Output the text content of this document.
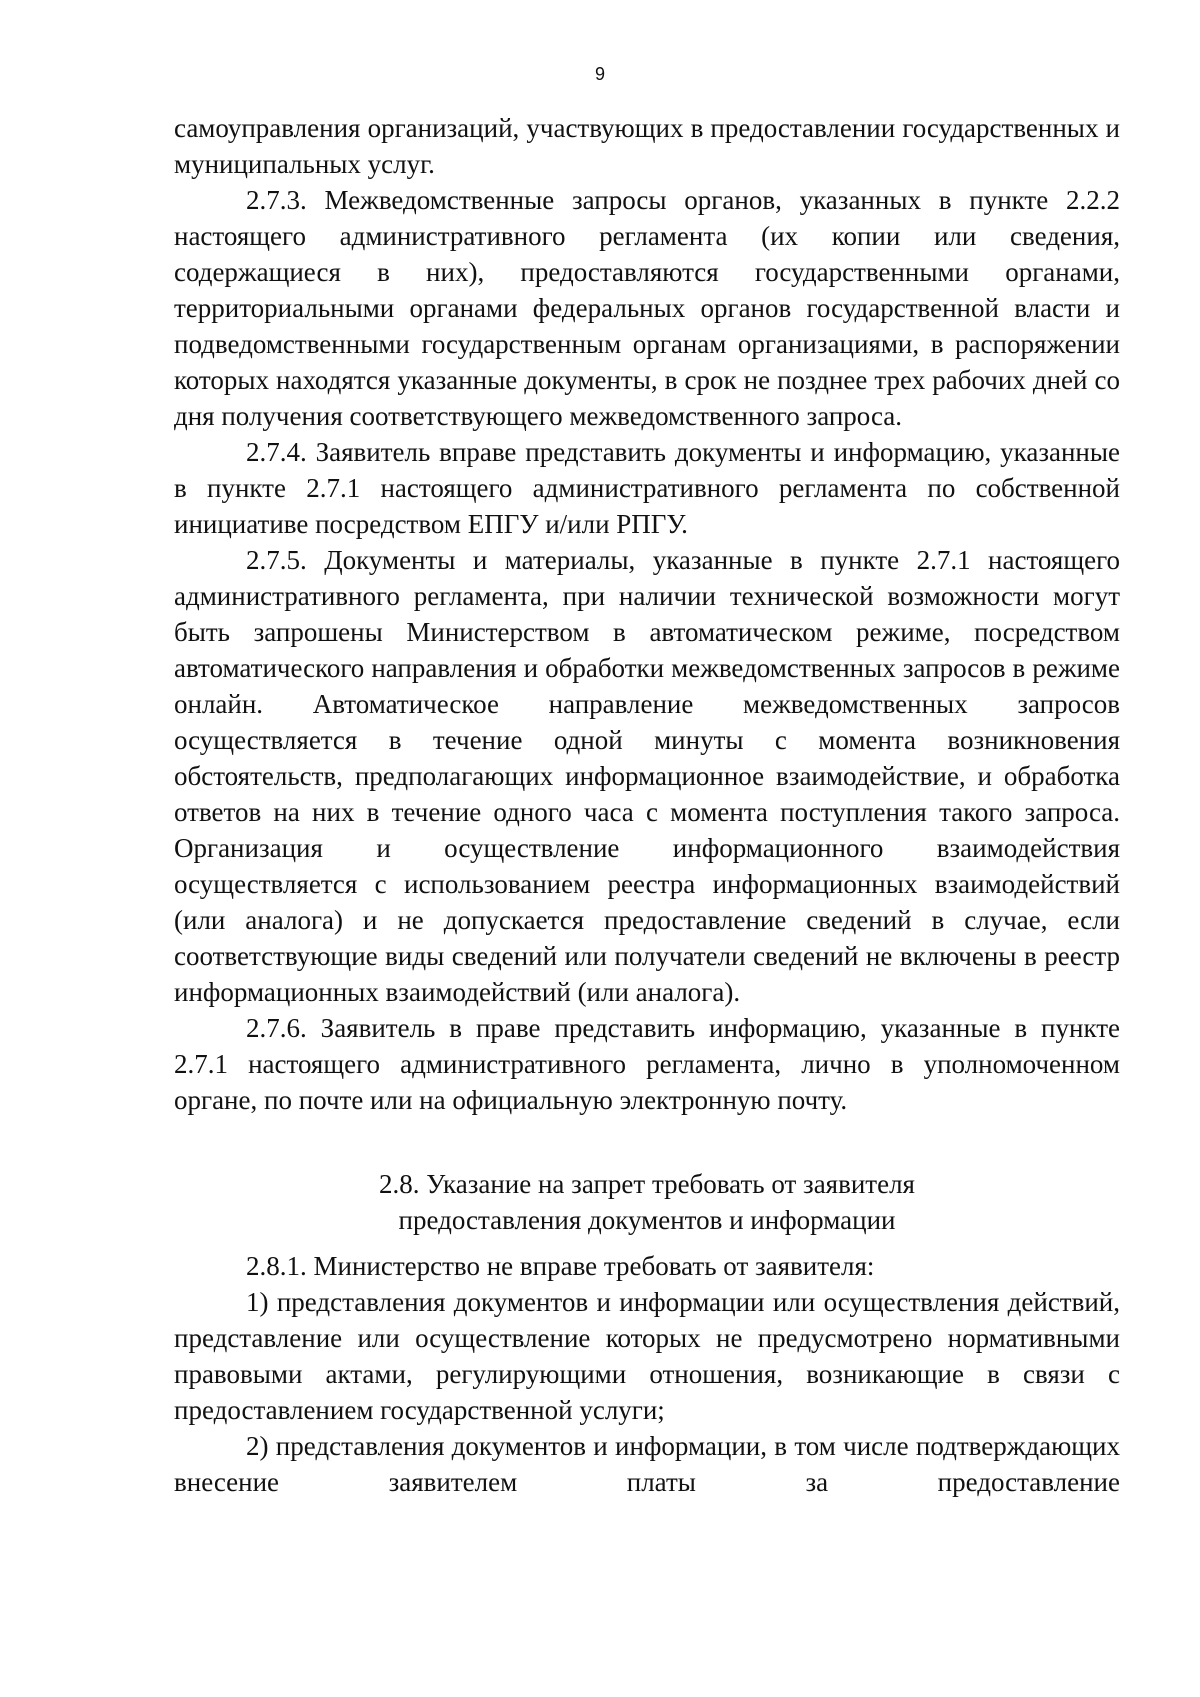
9

самоуправления организаций, участвующих в предоставлении государственных и муниципальных услуг.

2.7.3. Межведомственные запросы органов, указанных в пункте 2.2.2 настоящего административного регламента (их копии или сведения, содержащиеся в них), предоставляются государственными органами, территориальными органами федеральных органов государственной власти и подведомственными государственным органам организациями, в распоряжении которых находятся указанные документы, в срок не позднее трех рабочих дней со дня получения соответствующего межведомственного запроса.

2.7.4. Заявитель вправе представить документы и информацию, указанные в пункте 2.7.1 настоящего административного регламента по собственной инициативе посредством ЕПГУ и/или РПГУ.

2.7.5. Документы и материалы, указанные в пункте 2.7.1 настоящего административного регламента, при наличии технической возможности могут быть запрошены Министерством в автоматическом режиме, посредством автоматического направления и обработки межведомственных запросов в режиме онлайн. Автоматическое направление межведомственных запросов осуществляется в течение одной минуты с момента возникновения обстоятельств, предполагающих информационное взаимодействие, и обработка ответов на них в течение одного часа с момента поступления такого запроса. Организация и осуществление информационного взаимодействия осуществляется с использованием реестра информационных взаимодействий (или аналога) и не допускается предоставление сведений в случае, если соответствующие виды сведений или получатели сведений не включены в реестр информационных взаимодействий (или аналога).

2.7.6. Заявитель в праве представить информацию, указанные в пункте 2.7.1 настоящего административного регламента, лично в уполномоченном органе, по почте или на официальную электронную почту.

2.8. Указание на запрет требовать от заявителя
предоставления документов и информации

2.8.1. Министерство не вправе требовать от заявителя:

1) представления документов и информации или осуществления действий, представление или осуществление которых не предусмотрено нормативными правовыми актами, регулирующими отношения, возникающие в связи с предоставлением государственной услуги;

2) представления документов и информации, в том числе подтверждающих внесение заявителем платы за предоставление
